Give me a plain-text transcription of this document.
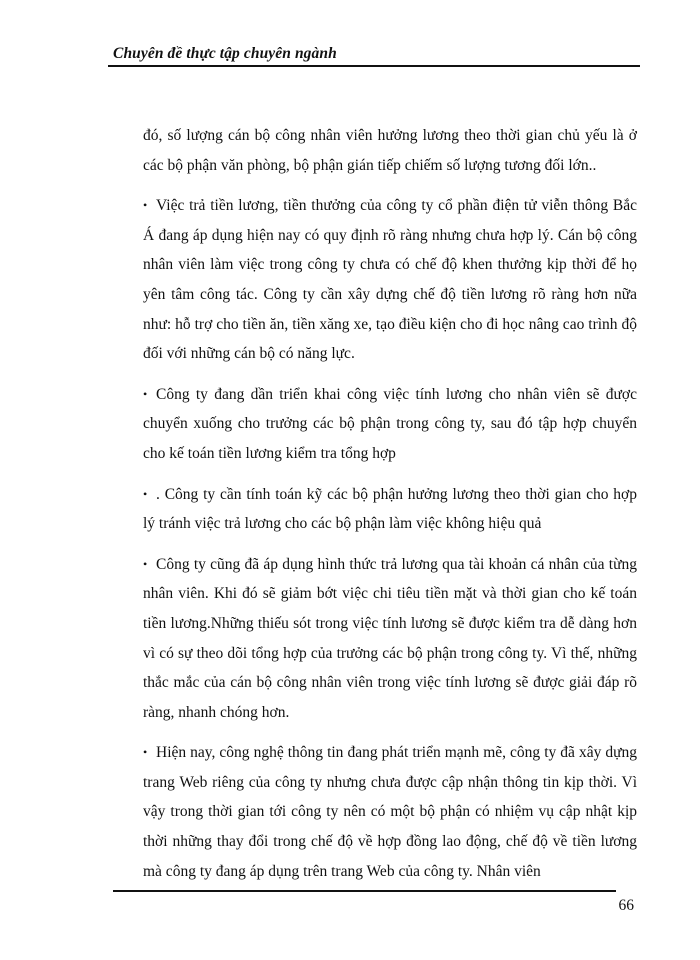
Chuyên đề thực tập chuyên ngành

đó, số lượng cán bộ công nhân viên hưởng lương theo thời gian chủ yếu là ở các bộ phận văn phòng, bộ phận gián tiếp chiếm số lượng tương đối lớn..

• Việc trả tiền lương, tiền thưởng của công ty cổ phần điện tử viễn thông Bắc Á đang áp dụng hiện nay có quy định rõ ràng nhưng chưa hợp lý. Cán bộ công nhân viên làm việc trong công ty chưa có chế độ khen thưởng kịp thời để họ yên tâm công tác. Công ty cần xây dựng chế độ tiền lương rõ ràng hơn nữa như: hỗ trợ cho tiền ăn, tiền xăng xe, tạo điều kiện cho đi học nâng cao trình độ đối với những cán bộ có năng lực.

• Công ty đang dần triển khai công việc tính lương cho nhân viên sẽ được chuyển xuống cho trưởng các bộ phận trong công ty, sau đó tập hợp chuyển cho kế toán tiền lương kiểm tra tổng hợp

• . Công ty cần tính toán kỹ các bộ phận hưởng lương theo thời gian cho hợp lý tránh việc trả lương cho các bộ phận làm việc không hiệu quả

• Công ty cũng đã áp dụng hình thức trả lương qua tài khoản cá nhân của từng nhân viên. Khi đó sẽ giảm bớt việc chi tiêu tiền mặt và thời gian cho kế toán tiền lương.Những thiếu sót trong việc tính lương sẽ được kiểm tra dễ dàng hơn vì có sự theo dõi tổng hợp của trưởng các bộ phận trong công ty. Vì thế, những thắc mắc của cán bộ công nhân viên trong việc tính lương sẽ được giải đáp rõ ràng, nhanh chóng hơn.

• Hiện nay, công nghệ thông tin đang phát triển mạnh mẽ, công ty đã xây dựng trang Web riêng của công ty nhưng chưa được cập nhận thông tin kịp thời. Vì vậy trong thời gian tới công ty nên có một bộ phận có nhiệm vụ cập nhật kịp thời những thay đổi trong chế độ về hợp đồng lao động, chế độ về tiền lương mà công ty đang áp dụng trên trang Web của công ty. Nhân viên

66
